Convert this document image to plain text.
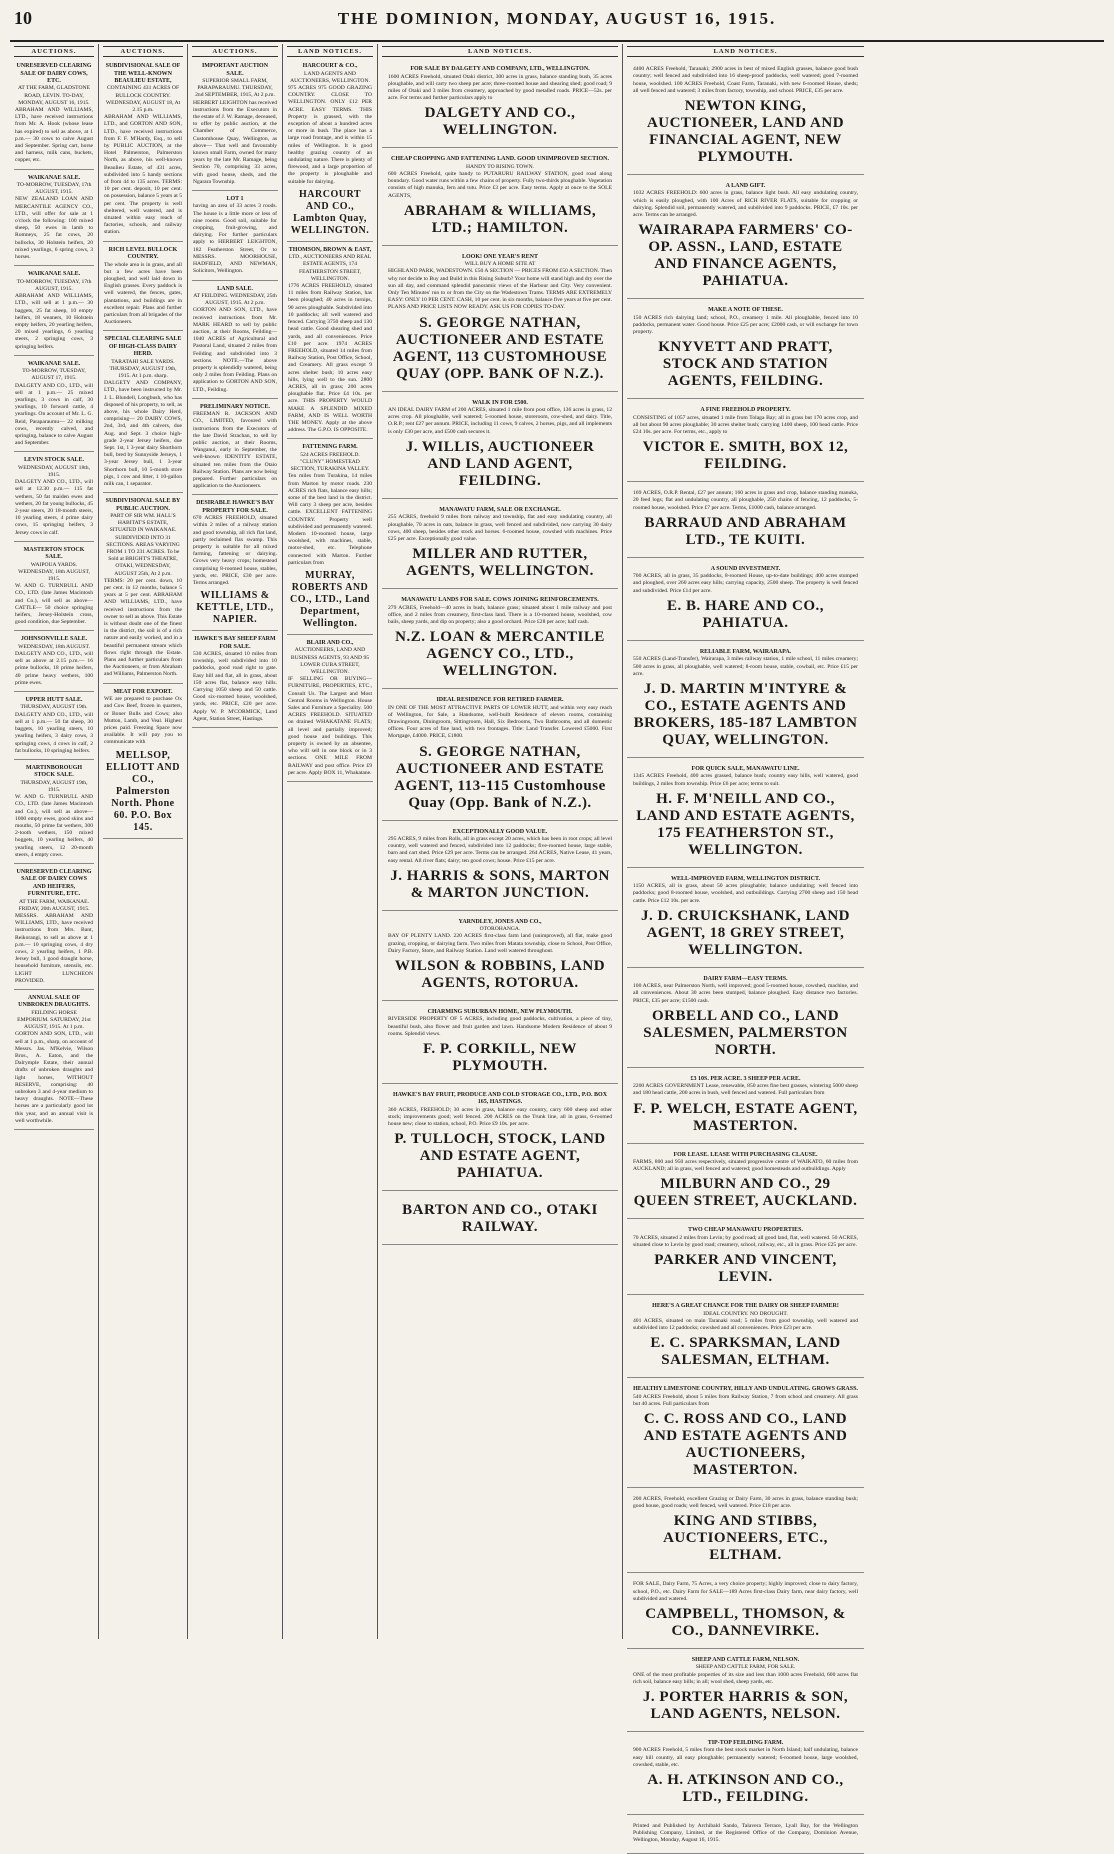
10	THE DOMINION, MONDAY, AUGUST 16, 1915.
AUCTIONS.
UNRESERVED CLEARING SALE OF DAIRY COWS, ETC.
AT THE FARM, GLADSTONE ROAD, LEVIN. TO-DAY, MONDAY, AUGUST 16, 1915.
ABRAHAM AND WILLIAMS, LTD., have received instructions from Mr. A. Hook (whose lease has expired) to sell as above, at 1 p.m.— 30 cows to calve August and September. Spring cart, horse and harness, milk cans, buckets, copper, etc.
WAIKANAE SALE.
TO-MORROW, TUESDAY, 17th AUGUST, 1915.
NEW ZEALAND LOAN AND MERCANTILE AGENCY CO., LTD., will offer for sale at 1 o'clock the following: 100 mixed sheep, 50 ewes in lamb to Romneys, 25 fat cows, 20 bullocks, 30 Holstein heifers, 20 mixed yearlings, 6 spring cows, 3 horses.
WAIKANAE SALE.
TO-MORROW, TUESDAY, 17th AUGUST, 1915.
ABRAHAM AND WILLIAMS, LTD., will sell at 1 p.m.— 30 baggets, 25 fat sheep, 10 empty heifers, 18 weaners, 10 Holstein empty heifers, 20 yearling heifers, 20 mixed yearlings, 6 yearling steers, 2 springing cows, 3 springing heifers.
WAIKANAE SALE.
TO-MORROW, TUESDAY, AUGUST 17, 1915.
DALGETY AND CO., LTD., will sell at 1 p.m.— 25 mixed yearlings, 3 cows in calf, 30 yearlings, 10 forward cattle, 4 yearlings. On account of Mr. L. G. Reid, Paraparaumu— 22 milking cows, recently calved, and springing, balance to calve August and September.
LEVIN STOCK SALE.
WEDNESDAY, AUGUST 18th, 1915.
DALGETY AND CO., LTD., will sell at 12.30 p.m.— 115 fat wethers, 50 fat maiden ewes and wethers, 20 fat young bullocks, 45 2-year steers, 20 18-month steers, 10 yearling steers, 4 prime dairy cows, 15 springing heifers, 3 Jersey cows in calf.
MASTERTON STOCK SALE.
WAIPOUA YARDS. WEDNESDAY, 18th AUGUST, 1915.
W. AND G. TURNBULL AND CO., LTD. (late James Macintosh and Co.), will sell as above— CATTLE— 50 choice springing heifers, Jersey-Holstein cross, good condition, due September.
JOHNSONVILLE SALE.
WEDNESDAY, 18th AUGUST.
DALGETY AND CO., LTD., will sell as above at 2.15 p.m.— 16 prime bullocks, 18 prime heifers, 40 prime heavy wethers, 100 prime ewes.
UPPER HUTT SALE.
THURSDAY, AUGUST 19th.
DALGETY AND CO., LTD., will sell at 1 p.m.— 50 fat sheep, 30 baggets, 10 yearling steers, 10 yearling heifers, 3 dairy cows, 3 springing cows, 4 cows in calf, 2 fat bullocks, 10 springing heifers.
MARTINBOROUGH STOCK SALE.
THURSDAY, AUGUST 19th, 1915.
W. AND G. TURNBULL AND CO., LTD. (late James Macintosh and Co.), will sell as above— 1000 empty ewes, good skins and mouths, 50 prime fat wethers, 300 2-tooth wethers, 150 mixed hoggets, 10 yearling heifers, 40 yearling steers, 12 20-month steers, 4 empty cows.
UNRESERVED CLEARING SALE OF DAIRY COWS AND HEIFERS, FURNITURE, ETC.
AT THE FARM, WAIKANAE. FRIDAY, 20th AUGUST, 1915.
MESSRS. ABRAHAM AND WILLIAMS, LTD., have received instructions from Mrs. Bant, Reikorangi, to sell as above at 1 p.m.— 10 springing cows, 4 dry cows, 2 yearling heifers, 1 P.B. Jersey bull, 1 good draught horse, household furniture, utensils, etc. LIGHT LUNCHEON PROVIDED.
ANNUAL SALE OF UNBROKEN DRAUGHTS.
FEILDING HORSE EMPORIUM. SATURDAY, 21st AUGUST, 1915. At 1 p.m.
GORTON AND SON, LTD., will sell at 1 p.m., sharp, on account of Messrs. Jas. M'Kelvie, Wilson Bros., A. Eaton, and the Dalrymple Estate, their annual drafts of unbroken draughts and light horses, WITHOUT RESERVE, comprising: 40 unbroken 3 and 4-year medium to heavy draughts. NOTE—These horses are a particularly good lot this year, and an annual visit is well worthwhile.
AUCTIONS.
SUBDIVISIONAL SALE OF THE WELL-KNOWN BEAULIEU ESTATE,
CONTAINING 431 ACRES OF BULLOCK COUNTRY. WEDNESDAY, AUGUST 18, At 2.15 p.m.
ABRAHAM AND WILLIAMS, LTD., and GORTON AND SON, LTD., have received instructions from F. F. M'Hardy, Esq., to sell by PUBLIC AUCTION, at the Hotel Palmerston, Palmerston North, as above, his well-known Beaulieu Estate, of 431 acres, subdivided into 5 handy sections of from 44 to 135 acres. TERMS: 10 per cent. deposit, 10 per cent. on possession, balance 5 years at 5 per cent. The property is well sheltered, well watered, and is situated within easy reach of factories, schools, and railway station.
RICH LEVEL BULLOCK COUNTRY.
The whole area is in grass, and all but a few acres have been ploughed, and well laid down in English grasses. Every paddock is well watered, the fences, gates, plantations, and buildings are in excellent repair. Plans and further particulars from all brigades of the Auctioneers.
SPECIAL CLEARING SALE OF HIGH-CLASS DAIRY HERD.
TARATAHI SALE YARDS. THURSDAY, AUGUST 19th, 1915. At 1 p.m. sharp.
DALGETY AND COMPANY, LTD., have been instructed by Mr. J. L. Blundell, Longbush, who has disposed of his property, to sell, as above, his whole Dairy Herd, comprising— 20 DAIRY COWS, 2nd, 3rd, and 4th calvers, due Aug. and Sept. 3 choice high-grade 2-year Jersey heifers, due Sept. 1st, 1 3-year dairy Shorthorn bull, bred by Sunnyside Jerseys, 1 3-year Jersey bull, 1 3-year Shorthorn bull, 10 5-month store pigs, 1 cow and litter, 1 10-gallon milk can, 1 separator.
SUBDIVISIONAL SALE BY PUBLIC AUCTION.
PART OF SIR WM. HALL'S HABITAT'S ESTATE, SITUATED IN WAIKANAE. SUBDIVIDED INTO 31 SECTIONS. AREAS VARYING FROM 1 TO 231 ACRES. To be Sold at BRIGHT'S THEATRE, OTAKI, WEDNESDAY, AUGUST 25th, At 2 p.m.
TERMS: 20 per cent. down, 10 per cent. in 12 months, balance 5 years at 5 per cent. ABRAHAM AND WILLIAMS, LTD., have received instructions from the owner to sell as above. This Estate is without doubt one of the finest in the district, the soil is of a rich nature and easily worked, and in a beautiful permanent stream which flows right through the Estate. Plans and further particulars from the Auctioneers, or from Abraham and Williams, Palmerston North.
MEAT FOR EXPORT.
WE are prepared to purchase Ox and Cow Beef, frozen in quarters, or Boner Bulls and Cows; also Mutton, Lamb, and Veal. Highest prices paid. Freezing Space now available. It will pay you to communicate with
MELLSOP, ELLIOTT AND CO., Palmerston North. Phone 60. P.O. Box 145.
AUCTIONS.
IMPORTANT AUCTION SALE.
SUPERIOR SMALL FARM, PARAPARAUMU. THURSDAY, 2nd SEPTEMBER, 1915, At 2 p.m.
HERBERT LEIGHTON has received instructions from the Executors in the estate of J. W. Ramage, deceased, to offer by public auction, at the Chamber of Commerce, Customhouse Quay, Wellington, as above— That well and favourably known small Farm, owned for many years by the late Mr. Ramage, being Section 70, comprising 33 acres, with good house, sheds, and the Ngarara Township.
LOT 1
having an area of 33 acres 3 roods. The house is a little more or less of nine rooms. Good soil, suitable for cropping, fruit-growing, and dairying. For further particulars apply to HERBERT LEIGHTON, 182 Featherston Street, Or to MESSRS. MOORHOUSE, HADFIELD, AND NEWMAN, Solicitors, Wellington.
LAND SALE.
AT FEILDING. WEDNESDAY, 25th AUGUST, 1915. At 2 p.m.
GORTON AND SON, LTD., have received instructions from Mr. MARK HEARD to sell by public auction, at their Rooms, Feilding— 1040 ACRES of Agricultural and Pastoral Land, situated 2 miles from Feilding and subdivided into 3 sections. NOTE.—The above property is splendidly watered, being only 2 miles from Feilding. Plans on application to GORTON AND SON, LTD., Feilding.
PRELIMINARY NOTICE.
FREEMAN R. JACKSON AND CO., LIMITED, favoured with instructions from the Executors of the late David Strachan, to sell by public auction, at their Rooms, Wanganui, early in September, the well-known IDENTITY ESTATE, situated ten miles from the Otaio Railway Station. Plans are now being prepared. Further particulars on application to the Auctioneers.
DESIRABLE HAWKE'S BAY PROPERTY FOR SALE.
670 ACRES FREEHOLD, situated within 2 miles of a railway station and good township, all rich flat land, partly reclaimed flax swamp. This property is suitable for all mixed farming, fattening or dairying. Grows very heavy crops; homestead comprising 8-roomed house, stables, yards, etc. PRICE, £30 per acre. Terms arranged.
WILLIAMS & KETTLE, LTD., NAPIER.
HAWKE'S BAY SHEEP FARM FOR SALE.
530 ACRES, situated 10 miles from township, well subdivided into 10 paddocks, good road right to gate. Easy hill and flat, all in grass, about 150 acres flat, balance easy hills. Carrying 1050 sheep and 50 cattle. Good six-roomed house, woolshed, yards, etc. PRICE, £20 per acre. Apply W. P. M'CORMICK, Land Agent, Station Street, Hastings.
LAND NOTICES.
HARCOURT & CO.,
LAND AGENTS AND AUCTIONEERS, WELLINGTON.
975 ACRES 975 GOOD GRAZING COUNTRY. CLOSE TO WELLINGTON. ONLY £12 PER ACRE. EASY TERMS. THIS Property is grassed, with the exception of about a hundred acres or more in bush. The place has a large road frontage, and is within 15 miles of Wellington. It is good healthy grazing country of an undulating nature. There is plenty of firewood, and a large proportion of the property is ploughable and suitable for dairying.
HARCOURT AND CO., Lambton Quay, WELLINGTON.
THOMSON, BROWN & EAST,
LTD., AUCTIONEERS AND REAL ESTATE AGENTS, 174 FEATHERSTON STREET, WELLINGTON.
1776 ACRES FREEHOLD, situated 11 miles from Railway Station, has been ploughed; 40 acres in turnips, 90 acres ploughable. Subdivided into 10 paddocks; all well watered and fenced. Carrying 3750 sheep and 130 head cattle. Good shearing shed and yards, and all conveniences. Price £10 per acre. 1974 ACRES FREEHOLD, situated 14 miles from Railway Station, Post Office, School, and Creamery. All grass except 9 acres shelter bush; 10 acres easy hills, lying well to the sun. 2800 ACRES, all in grass; 200 acres ploughable flat. Price £4 10s. per acre. THIS PROPERTY WOULD MAKE A SPLENDID MIXED FARM, AND IS WELL WORTH THE MONEY. Apply at the above address. The G.P.O. IS OPPOSITE.
FATTENING FARM.
524 ACRES FREEHOLD. "CLUNY" HOMESTEAD SECTION, TURAKINA VALLEY.
Ten miles from Turakina, 14 miles from Marton by motor roads. 230 ACRES rich flats, balance easy hills; some of the best land in the district. Will carry 3 sheep per acre, besides cattle. EXCELLENT FATTENING COUNTRY. Property well subdivided and permanently watered. Modern 10-roomed house, large woolshed, with machines, stable, motor-shed, etc. Telephone connected with Marton. Further particulars from
MURRAY, ROBERTS AND CO., LTD., Land Department, Wellington.
BLAIR AND CO.,
AUCTIONEERS, LAND AND BUSINESS AGENTS, 93 AND 95 LOWER CUBA STREET, WELLINGTON.
IF SELLING OR BUYING— FURNITURE, PROPERTIES, ETC., Consult Us. The Largest and Most Central Rooms in Wellington. House Sales and Furniture a Speciality. 500 ACRES FREEHOLD. SITUATED on drained WHAKATANE FLATS; all level and partially improved; good house and buildings. This property is owned by an absentee, who will sell in one block or in 3 sections. ONE MILE FROM RAILWAY and post office. Price £9 per acre. Apply BOX 11, Whakatane.
LAND NOTICES.
FOR SALE BY DALGETY AND COMPANY, LTD., WELLINGTON.
1600 ACRES Freehold, situated Otaki district, 300 acres in grass, balance standing bush, 35 acres ploughable, and will carry two sheep per acre; three-roomed house and shearing shed; good road; 9 miles of Otaki and 3 miles from creamery, approached by good metalled roads. PRICE—52s. per acre. For terms and further particulars apply to
DALGETY AND CO., WELLINGTON.
CHEAP CROPPING AND FATTENING LAND. GOOD UNIMPROVED SECTION.
HANDY TO RISING TOWN.
600 ACRES Freehold, quite handy to PUTARURU RAILWAY STATION, good road along boundary. Good water runs within a few chains of property. Fully two-thirds ploughable. Vegetation consists of high manuka, fern and tutu. Price £3 per acre. Easy terms. Apply at once to the SOLE AGENTS,
ABRAHAM & WILLIAMS, LTD.; HAMILTON.
LOOK! ONE YEAR'S RENT
WILL BUY A HOME SITE AT
HIGHLAND PARK, WADESTOWN. £50 A SECTION — PRICES FROM £50 A SECTION. Then why not decide to Buy and Build in this Rising Suburb? Your home will stand high and dry over the sun all day, and command splendid panoramic views of the Harbour and City. Very convenient. Only Ten Minutes' run to or from the City on the Wadestown Trams. TERMS ARE EXTREMELY EASY: ONLY 10 PER CENT. CASH, 10 per cent. in six months, balance five years at five per cent. PLANS AND PRICE LISTS NOW READY. ASK US FOR COPIES TO-DAY.
S. GEORGE NATHAN, AUCTIONEER AND ESTATE AGENT, 113 CUSTOMHOUSE QUAY (OPP. BANK OF N.Z.).
WALK IN FOR £500.
AN IDEAL DAIRY FARM of 200 ACRES, situated 1 mile from post office, 136 acres in grass, 12 acres crop. All ploughable, well watered; 5-roomed house, storeroom, cow-shed, and dairy. Title, O.R.P.; rent £27 per annum. PRICE, including 11 cows, 9 calves, 2 horses, pigs, and all implements is only £30 per acre, and £500 cash secures it.
J. WILLIS, AUCTIONEER AND LAND AGENT, FEILDING.
MANAWATU FARM, SALE OR EXCHANGE.
255 ACRES, freehold 9 miles from railway and township, flat and easy undulating country, all ploughable, 70 acres in oats, balance in grass, well fenced and subdivided, now carrying 30 dairy cows, 400 sheep, besides other stock and horses. 6-roomed house, cowshed with machines. Price £25 per acre. Exceptionally good value.
MILLER AND RUTTER, AGENTS, WELLINGTON.
MANAWATU LANDS FOR SALE. COWS JOINING REINFORCEMENTS.
279 ACRES, Freehold—40 acres in bush, balance grass; situated about 1 mile railway and post office, and 2 miles from creamery, first-class land. There is a 10-roomed house, woolshed, cow bails, sheep yards, and dip on property; also a good orchard. Price £28 per acre; half cash.
N.Z. LOAN & MERCANTILE AGENCY CO., LTD., WELLINGTON.
IDEAL RESIDENCE FOR RETIRED FARMER.
IN ONE OF THE MOST ATTRACTIVE PARTS OF LOWER HUTT, and within very easy reach of Wellington, for Sale, a Handsome, well-built Residence of eleven rooms, containing Drawingroom, Diningroom, Sittingroom, Hall, Six Bedrooms, Two Bathrooms, and all domestic offices. Four acres of fine land, with two frontages. Title: Land Transfer. Lowered £5000. First Mortgage, £4000. PRICE, £1800.
S. GEORGE NATHAN, AUCTIONEER AND ESTATE AGENT, 113-115 Customhouse Quay (Opp. Bank of N.Z.).
EXCEPTIONALLY GOOD VALUE.
295 ACRES, 9 miles from Rolls, all in grass except 20 acres, which has been in root crops; all level country, well watered and fenced, subdivided into 12 paddocks; five-roomed house, large stable, barn and cart shed. Price £29 per acre. Terms can be arranged. 264 ACRES, Native Lease, 41 years, easy rental. All river flats; dairy; ten good cows; house. Price £15 per acre.
J. HARRIS & SONS, MARTON & MARTON JUNCTION.
YARNDLEY, JONES AND CO.,
OTOROHANGA.
BAY OF PLENTY LAND. 220 ACRES first-class farm land (unimproved), all flat, make good grazing, cropping, or dairying farm. Two miles from Matata township, close to School, Post Office, Dairy Factory, Store, and Railway Station. Land well watered throughout.
WILSON & ROBBINS, LAND AGENTS, ROTORUA.
CHARMING SUBURBAN HOME, NEW PLYMOUTH.
RIVERSIDE PROPERTY OF 5 ACRES, including good paddocks, cultivation, a piece of tiny, beautiful bush, also flower and fruit garden and lawn. Handsome Modern Residence of about 9 rooms. Splendid views.
F. P. CORKILL, NEW PLYMOUTH.
HAWKE'S BAY FRUIT, PRODUCE AND COLD STORAGE CO., LTD., P.O. BOX 165, HASTINGS.
360 ACRES, FREEHOLD; 30 acres in grass, balance easy country, carry 600 sheep and other stock; improvements good; well fenced. 200 ACRES on the Trunk line, all in grass, 6-roomed house new; close to station, school, P.O. Price £9 10s. per acre.
P. TULLOCH, STOCK, LAND AND ESTATE AGENT, PAHIATUA.
BARTON AND CO., OTAKI RAILWAY.
LAND NOTICES.
4400 ACRES Freehold, Taranaki; 2900 acres in best of mixed English grasses, balance good bush country; well fenced and subdivided into 16 sheep-proof paddocks, well watered; good 7-roomed house, woolshed. 100 ACRES Freehold, Coast Farm, Taranaki, with new 6-roomed House, sheds; all well fenced and watered; 3 miles from factory, township, and school. PRICE, £35 per acre.
NEWTON KING, AUCTIONEER, LAND AND FINANCIAL AGENT, NEW PLYMOUTH.
A LAND GIFT.
1032 ACRES FREEHOLD: 600 acres in grass, balance light bush. All easy undulating country, which is easily ploughed, with 100 Acres of RICH RIVER FLATS, suitable for cropping or dairying. Splendid soil, permanently watered, and subdivided into 9 paddocks. PRICE, £7 10s. per acre. Terms can be arranged.
WAIRARAPA FARMERS' CO-OP. ASSN., LAND, ESTATE AND FINANCE AGENTS, PAHIATUA.
MAKE A NOTE OF THESE.
150 ACRES rich dairying land; school, P.O., creamery 1 mile. All ploughable, fenced into 10 paddocks, permanent water. Good house. Price £25 per acre; £2000 cash, or will exchange for town property.
KNYVETT AND PRATT, STOCK AND STATION AGENTS, FEILDING.
A FINE FREEHOLD PROPERTY.
CONSISTING of 1057 acres, situated 1 mile from Tolaga Bay; all in grass but 170 acres crop, and all but about 90 acres ploughable; 30 acres shelter bush; carrying 1400 sheep, 100 head cattle. Price £24 10s. per acre. For terms, etc., apply to
VICTOR E. SMITH, BOX 12, FEILDING.
169 ACRES, O.R.P. Rental, £27 per annum; 160 acres in grass and crop, balance standing manuka, 20 feed logs; flat and undulating country, all ploughable, 250 chains of fencing, 12 paddocks, 5-roomed house, woolshed. Price £7 per acre. Terms, £1000 cash, balance arranged.
BARRAUD AND ABRAHAM LTD., TE KUITI.
A SOUND INVESTMENT.
700 ACRES, all in grass, 35 paddocks, 8-roomed House, up-to-date buildings; 400 acres stumped and ploughed, over 260 acres easy hills; carrying capacity, 2500 sheep. The property is well fenced and subdivided. Price £14 per acre.
E. B. HARE AND CO., PAHIATUA.
RELIABLE FARM, WAIRARAPA.
550 ACRES (Land-Transfer), Wairarapa, 3 miles railway station, 1 mile school, 11 miles creamery; 500 acres in grass, all ploughable, well watered; 8-room house, stable, cowbail, etc. Price £15 per acre.
J. D. MARTIN M'INTYRE & CO., ESTATE AGENTS AND BROKERS, 185-187 LAMBTON QUAY, WELLINGTON.
FOR QUICK SALE, MANAWATU LINE.
1345 ACRES Freehold, 400 acres grassed, balance bush; country easy hills, well watered, good buildings, 2 miles from township. Price £6 per acre; terms to suit.
H. F. M'NEILL AND CO., LAND AND ESTATE AGENTS, 175 FEATHERSTON ST., WELLINGTON.
WELL-IMPROVED FARM, WELLINGTON DISTRICT.
1150 ACRES, all in grass, about 50 acres ploughable; balance undulating; well fenced into paddocks; good 8-roomed house, woolshed, and outbuildings. Carrying 2700 sheep and 150 head cattle. Price £12 10s. per acre.
J. D. CRUICKSHANK, LAND AGENT, 18 GREY STREET, WELLINGTON.
DAIRY FARM—EASY TERMS.
100 ACRES, near Palmerston North, well improved; good 5-roomed house, cowshed, machine, and all conveniences. About 30 acres been stumped, balance ploughed. Easy distance two factories. PRICE, £35 per acre; £1500 cash.
ORBELL AND CO., LAND SALESMEN, PALMERSTON NORTH.
£3 10S. PER ACRE. 3 SHEEP PER ACRE.
2200 ACRES GOVERNMENT Lease, renewable, 850 acres fine best grasses, wintering 5000 sheep and 180 head cattle, 200 acres in bush, well fenced and watered. Full particulars from
F. P. WELCH, ESTATE AGENT, MASTERTON.
FOR LEASE. LEASE WITH PURCHASING CLAUSE.
FARMS, 800 and 950 acres respectively, situated progressive centre of WAIKATO, 60 miles from AUCKLAND; all in grass, well fenced and watered; good homesteads and outbuildings. Apply
MILBURN AND CO., 29 QUEEN STREET, AUCKLAND.
TWO CHEAP MANAWATU PROPERTIES.
70 ACRES, situated 2 miles from Levin; by good road; all good land, flat, well watered. 50 ACRES, situated close to Levin by good road; creamery, school, railway, etc., all in grass. Price £25 per acre.
PARKER AND VINCENT, LEVIN.
HERE'S A GREAT CHANCE FOR THE DAIRY OR SHEEP FARMER!
IDEAL COUNTRY. NO DROUGHT.
401 ACRES, situated on main Taranaki road; 5 miles from good township, well watered and subdivided into 12 paddocks; cowshed and all conveniences. Price £23 per acre.
E. C. SPARKSMAN, LAND SALESMAN, ELTHAM.
HEALTHY LIMESTONE COUNTRY, HILLY AND UNDULATING. GROWS GRASS.
540 ACRES Freehold, about 5 miles from Railway Station, 7 from school and creamery. All grass but 40 acres. Full particulars from
C. C. ROSS AND CO., LAND AND ESTATE AGENTS AND AUCTIONEERS, MASTERTON.
200 ACRES, Freehold, excellent Grazing or Dairy Farm, 30 acres in grass, balance standing bush; good house, good roads; well fenced, well watered. Price £18 per acre.
KING AND STIBBS, AUCTIONEERS, ETC., ELTHAM.
FOR SALE, Dairy Farm, 75 Acres, a very choice property; highly improved; close to dairy factory, school, P.O., etc. Dairy Farm for SALE—189 Acres first-class Dairy farm, near dairy factory, well subdivided and watered.
CAMPBELL, THOMSON, & CO., DANNEVIRKE.
SHEEP AND CATTLE FARM, NELSON.
SHEEP AND CATTLE FARM, FOR SALE.
ONE of the most profitable properties of its size and less than 1000 acres Freehold, 600 acres flat rich soil, balance easy hills; in all; wool shed, sheep yards, etc.
J. PORTER HARRIS & SON, LAND AGENTS, NELSON.
TIP-TOP FEILDING FARM.
900 ACRES Freehold, 5 miles from the best stock market in North Island; half undulating, balance easy hill country, all easy ploughable; permanently watered; 6-roomed house, large woolshed, cowshed, stable, etc.
A. H. ATKINSON AND CO., LTD., FEILDING.
Printed and Published by Archibald Sando, Talavera Terrace, Lyall Bay, for the Wellington Publishing Company, Limited, at the Registered Office of the Company, Dominion Avenue, Wellington, Monday, August 16, 1915.
